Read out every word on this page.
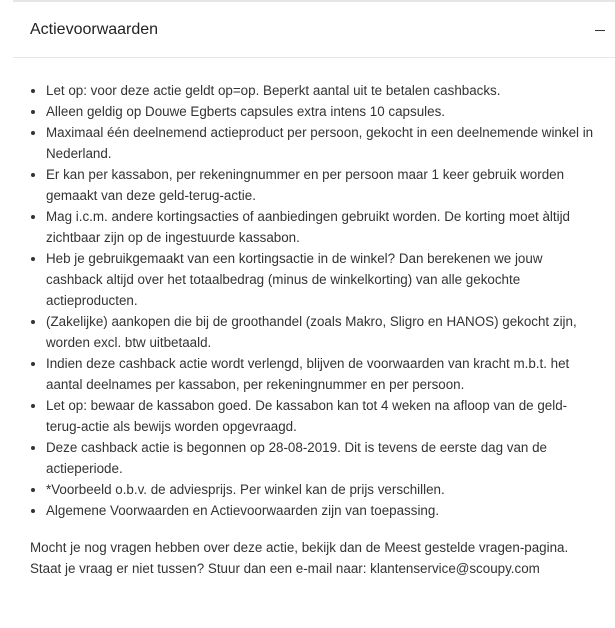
Actievoorwaarden
• Let op: voor deze actie geldt op=op. Beperkt aantal uit te betalen cashbacks.
• Alleen geldig op Douwe Egberts capsules extra intens 10 capsules.
• Maximaal één deelnemend actieproduct per persoon, gekocht in een deelnemende winkel in Nederland.
• Er kan per kassabon, per rekeningnummer en per persoon maar 1 keer gebruik worden gemaakt van deze geld-terug-actie.
• Mag i.c.m. andere kortingsacties of aanbiedingen gebruikt worden. De korting moet àltijd zichtbaar zijn op de ingestuurde kassabon.
• Heb je gebruikgemaakt van een kortingsactie in de winkel? Dan berekenen we jouw cashback altijd over het totaalbedrag (minus de winkelkorting) van alle gekochte actieproducten.
• (Zakelijke) aankopen die bij de groothandel (zoals Makro, Sligro en HANOS) gekocht zijn, worden excl. btw uitbetaald.
• Indien deze cashback actie wordt verlengd, blijven de voorwaarden van kracht m.b.t. het aantal deelnames per kassabon, per rekeningnummer en per persoon.
• Let op: bewaar de kassabon goed. De kassabon kan tot 4 weken na afloop van de geld-terug-actie als bewijs worden opgevraagd.
• Deze cashback actie is begonnen op 28-08-2019. Dit is tevens de eerste dag van de actieperiode.
• *Voorbeeld o.b.v. de adviesprijs. Per winkel kan de prijs verschillen.
• Algemene Voorwaarden en Actievoorwaarden zijn van toepassing.

Mocht je nog vragen hebben over deze actie, bekijk dan de Meest gestelde vragen-pagina. Staat je vraag er niet tussen? Stuur dan een e-mail naar: klantenservice@scoupy.com
